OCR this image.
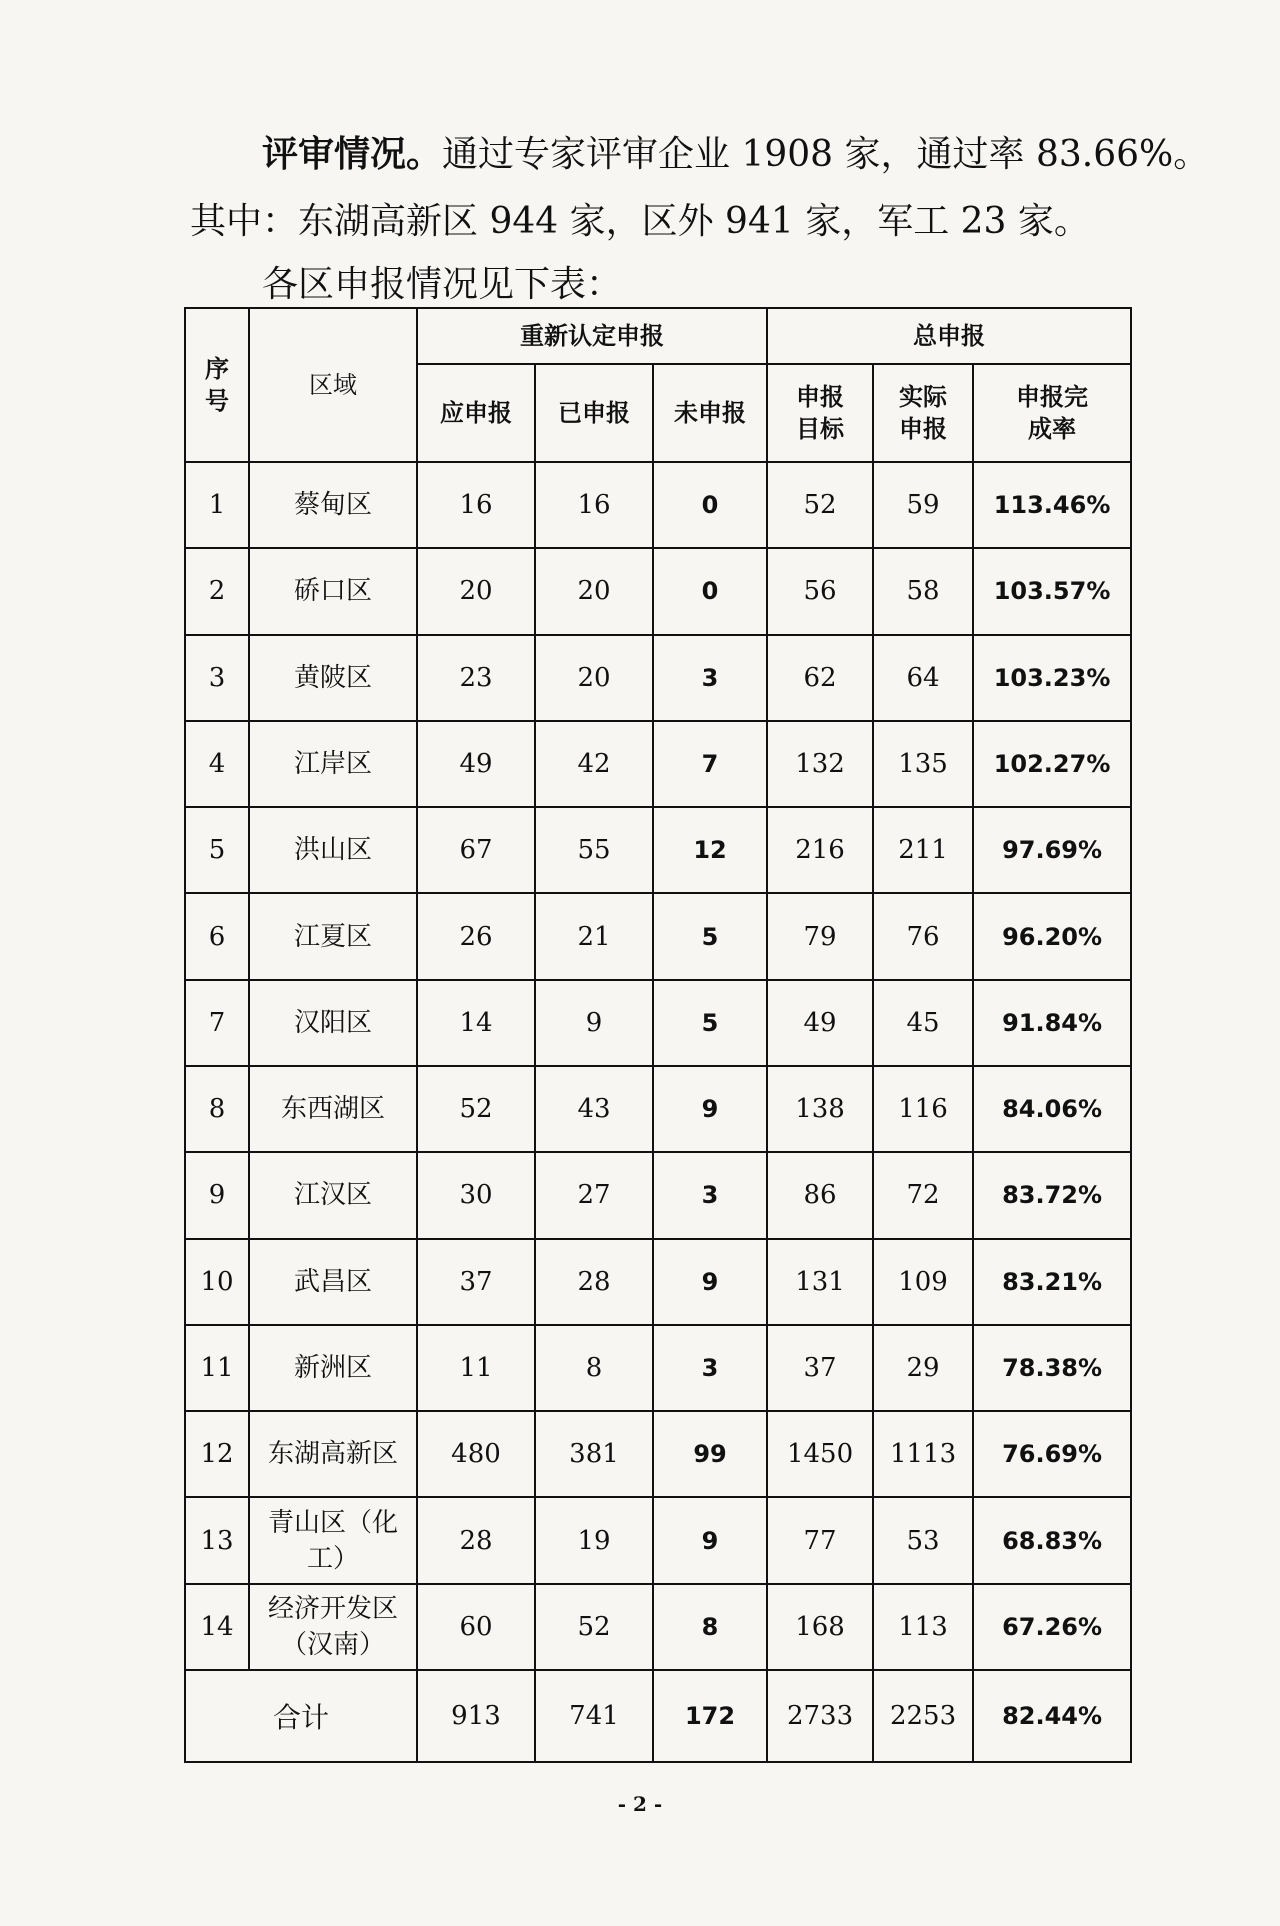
评审情况。通过专家评审企业 1908 家，通过率 83.66%。
其中：东湖高新区 944 家，区外 941 家，军工 23 家。
各区申报情况见下表：
序号	区域	重新认定申报			总申报		
		应申报	已申报	未申报	申报目标	实际申报	申报完成率
1	蔡甸区	16	16	0	52	59	113.46%
2	硚口区	20	20	0	56	58	103.57%
3	黄陂区	23	20	3	62	64	103.23%
4	江岸区	49	42	7	132	135	102.27%
5	洪山区	67	55	12	216	211	97.69%
6	江夏区	26	21	5	79	76	96.20%
7	汉阳区	14	9	5	49	45	91.84%
8	东西湖区	52	43	9	138	116	84.06%
9	江汉区	30	27	3	86	72	83.72%
10	武昌区	37	28	9	131	109	83.21%
11	新洲区	11	8	3	37	29	78.38%
12	东湖高新区	480	381	99	1450	1113	76.69%
13	青山区（化工）	28	19	9	77	53	68.83%
14	经济开发区（汉南）	60	52	8	168	113	67.26%
合计		913	741	172	2733	2253	82.44%
- 2 -
